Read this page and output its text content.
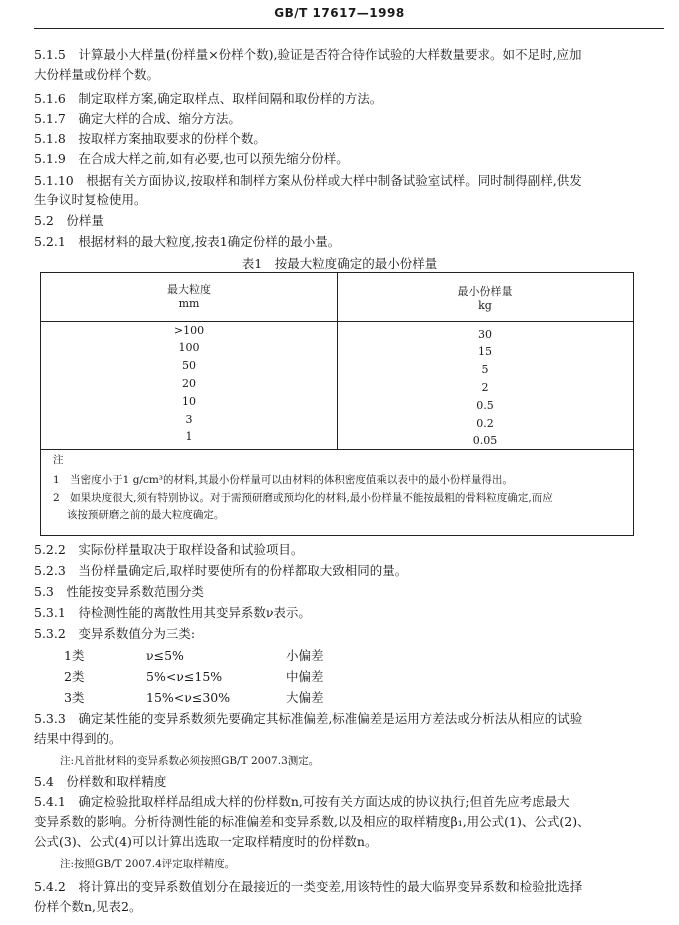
GB/T 17617—1998
5.1.5　 计算最小大样量(份样量×份样个数),验证是否符合待作试验的大样数量要求。如不足时,应加
大份样量或份样个数。
5.1.6　 制定取样方案,确定取样点、取样间隔和取份样的方法。
5.1.7　 确定大样的合成、缩分方法。
5.1.8　 按取样方案抽取要求的份样个数。
5.1.9　 在合成大样之前,如有必要,也可以预先缩分份样。
5.1.10　 根据有关方面协议,按取样和制样方案从份样或大样中制备试验室试样。同时制得副样,供发
生争议时复检使用。
5.2　 份样量
5.2.1　 根据材料的最大粒度,按表1确定份样的最小量。
表1　按最大粒度确定的最小份样量
最大粒度
mm
最小份样量
kg
>100	30
100	15
50	5
20	2
10	0.5
3	0.2
1	0.05
注
1　当密度小于1 g/cm³的材料,其最小份样量可以由材料的体积密度值乘以表中的最小份样量得出。
2　如果块度很大,须有特别协议。对于需预研磨或预均化的材料,最小份样量不能按最粗的骨料粒度确定,而应
　 该按预研磨之前的最大粒度确定。
5.2.2　 实际份样量取决于取样设备和试验项目。
5.2.3　 当份样量确定后,取样时要使所有的份样都取大致相同的量。
5.3　 性能按变异系数范围分类
5.3.1　 待检测性能的离散性用其变异系数ν表示。
5.3.2　 变异系数值分为三类:
1类	ν≤5%	小偏差
2类	5%<ν≤15%	中偏差
3类	15%<ν≤30%	大偏差
5.3.3　 确定某性能的变异系数须先要确定其标准偏差,标准偏差是运用方差法或分析法从相应的试验
结果中得到的。
注:凡首批材料的变异系数必须按照GB/T 2007.3测定。
5.4　 份样数和取样精度
5.4.1　 确定检验批取样样品组成大样的份样数n,可按有关方面达成的协议执行;但首先应考虑最大
变异系数的影响。分析待测性能的标准偏差和变异系数,以及相应的取样精度β₁,用公式(1)、公式(2)、
公式(3)、公式(4)可以计算出选取一定取样精度时的份样数n。
注:按照GB/T 2007.4评定取样精度。
5.4.2　 将计算出的变异系数值划分在最接近的一类变差,用该特性的最大临界变异系数和检验批选择
份样个数n,见表2。
